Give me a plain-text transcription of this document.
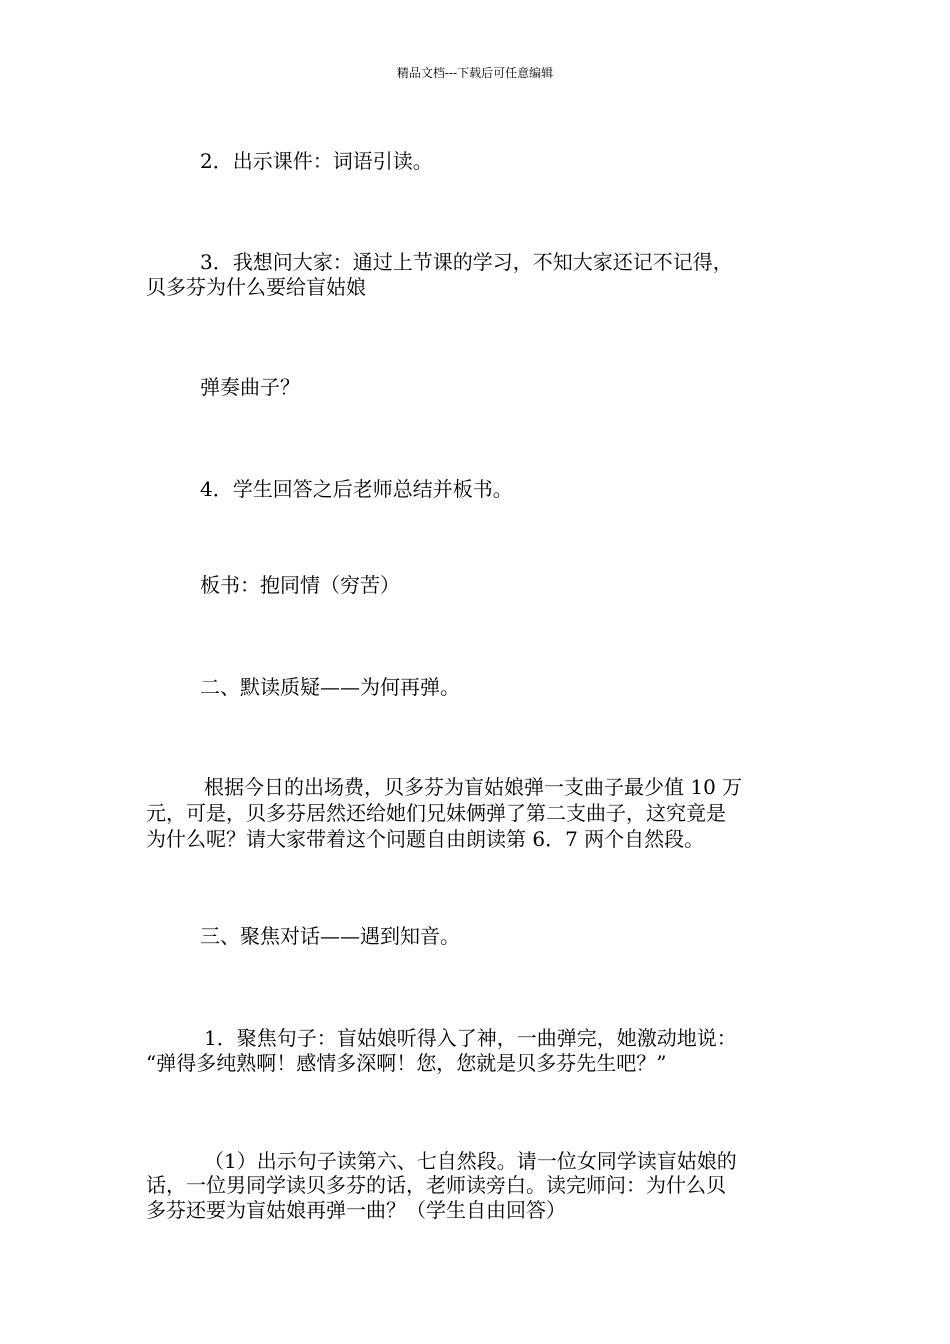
精品文档---下载后可任意编辑
2．出示课件：词语引读。
3．我想问大家：通过上节课的学习，不知大家还记不记得，
贝多芬为什么要给盲姑娘
弹奏曲子？
4．学生回答之后老师总结并板书。
板书：抱同情（穷苦）
二、默读质疑——为何再弹。
根据今日的出场费，贝多芬为盲姑娘弹一支曲子最少值 10 万
元，可是，贝多芬居然还给她们兄妹俩弹了第二支曲子，这究竟是
为什么呢？请大家带着这个问题自由朗读第 6．7 两个自然段。
三、聚焦对话——遇到知音。
1．聚焦句子：盲姑娘听得入了神，一曲弹完，她激动地说：
“弹得多纯熟啊！感情多深啊！您，您就是贝多芬先生吧？”
（1）出示句子读第六、七自然段。请一位女同学读盲姑娘的
话，一位男同学读贝多芬的话，老师读旁白。读完师问：为什么贝
多芬还要为盲姑娘再弹一曲？（学生自由回答）
